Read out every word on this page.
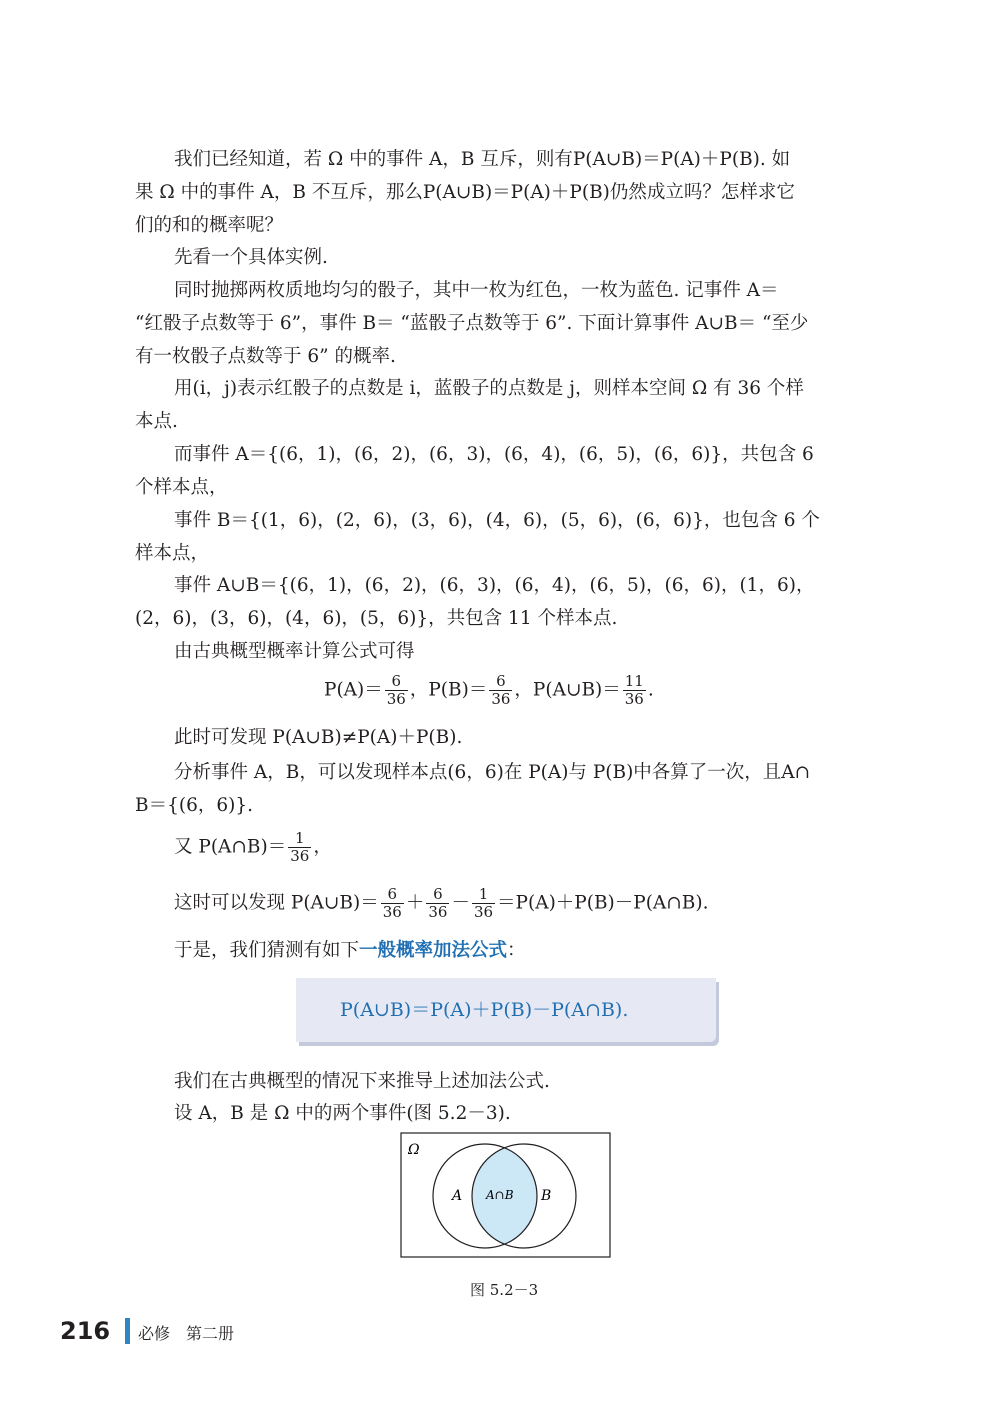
我们已经知道，若 Ω 中的事件 A，B 互斥，则有P(A∪B)＝P(A)＋P(B). 如
果 Ω 中的事件 A，B 不互斥，那么P(A∪B)＝P(A)＋P(B)仍然成立吗？怎样求它
们的和的概率呢？
先看一个具体实例.
同时抛掷两枚质地均匀的骰子，其中一枚为红色，一枚为蓝色. 记事件 A＝
“红骰子点数等于 6”，事件 B＝ “蓝骰子点数等于 6”. 下面计算事件 A∪B＝ “至少
有一枚骰子点数等于 6” 的概率.
用(i，j)表示红骰子的点数是 i，蓝骰子的点数是 j，则样本空间 Ω 有 36 个样
本点.
而事件 A＝{(6，1)，(6，2)，(6，3)，(6，4)，(6，5)，(6，6)}，共包含 6
个样本点，
事件 B＝{(1，6)，(2，6)，(3，6)，(4，6)，(5，6)，(6，6)}，也包含 6 个
样本点，
事件 A∪B＝{(6，1)，(6，2)，(6，3)，(6，4)，(6，5)，(6，6)，(1，6)，
(2，6)，(3，6)，(4，6)，(5，6)}，共包含 11 个样本点.
由古典概型概率计算公式可得
$P(A)= \frac{6}{36}$ ，$P(B)= \frac{6}{36}$ ，P(A∪B)＝ $\frac{11}{36}$ .
此时可发现 P(A∪B)≠P(A)＋P(B).
分析事件 A，B，可以发现样本点(6，6)在 P(A)与 P(B)中各算了一次，且A∩
B＝{(6，6)}.
又 P(A∩B)＝ $\frac{1}{36}$ ，
这时可以发现 P(A∪B)＝ $\frac{6}{36} + \frac{6}{36} - \frac{1}{36}$ ＝P(A)＋P(B)－P(A∩B).
于是，我们猜测有如下一般概率加法公式：
P(A∪B)＝P(A)＋P(B)－P(A∩B).
我们在古典概型的情况下来推导上述加法公式.
设 A，B 是 Ω 中的两个事件(图 5.2－3).
Ω
A A∩B B
图 5.2－3
216 必修　第二册
